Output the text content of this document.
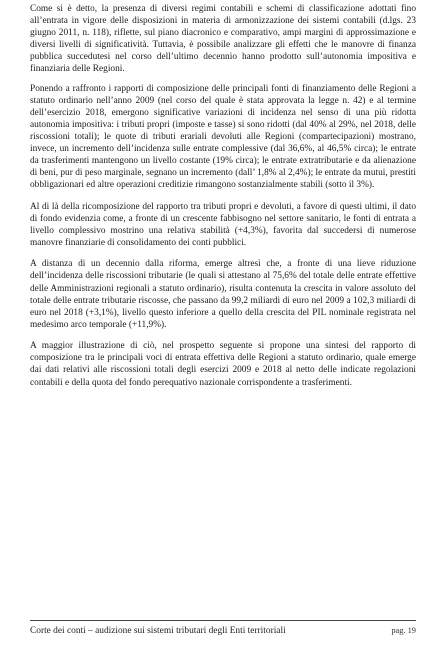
Come si è detto, la presenza di diversi regimi contabili e schemi di classificazione adottati fino all’entrata in vigore delle disposizioni in materia di armonizzazione dei sistemi contabili (d.lgs. 23 giugno 2011, n. 118), riflette, sul piano diacronico e comparativo, ampi margini di approssimazione e diversi livelli di significatività. Tuttavia, è possibile analizzare gli effetti che le manovre di finanza pubblica succedutesi nel corso dell’ultimo decennio hanno prodotto sull’autonomia impositiva e finanziaria delle Regioni.

Ponendo a raffronto i rapporti di composizione delle principali fonti di finanziamento delle Regioni a statuto ordinario nell’anno 2009 (nel corso del quale è stata approvata la legge n. 42) e al termine dell’esercizio 2018, emergono significative variazioni di incidenza nel senso di una più ridotta autonomia impositiva: i tributi propri (imposte e tasse) si sono ridotti (dal 40% al 29%, nel 2018, delle riscossioni totali); le quote di tributi erariali devoluti alle Regioni (compartecipazioni) mostrano, invece, un incremento dell’incidenza sulle entrate complessive (dal 36,6%, al 46,5% circa); le entrate da trasferimenti mantengono un livello costante (19% circa); le entrate extratributarie e da alienazione di beni, pur di peso marginale, segnano un incremento (dall’ 1,8% al 2,4%); le entrate da mutui, prestiti obbligazionari ed altre operazioni creditizie rimangono sostanzialmente stabili (sotto il 3%).

Al di là della ricomposizione del rapporto tra tributi propri e devoluti, a favore di questi ultimi, il dato di fondo evidenzia come, a fronte di un crescente fabbisogno nel settore sanitario, le fonti di entrata a livello complessivo mostrino una relativa stabilità (+4,3%), favorita dal succedersi di numerose manovre finanziarie di consolidamento dei conti pubblici.

A distanza di un decennio dalla riforma, emerge altresì che, a fronte di una lieve riduzione dell’incidenza delle riscossioni tributarie (le quali si attestano al 75,6% del totale delle entrate effettive delle Amministrazioni regionali a statuto ordinario), risulta contenuta la crescita in valore assoluto del totale delle entrate tributarie riscosse, che passano da 99,2 miliardi di euro nel 2009 a 102,3 miliardi di euro nel 2018 (+3,1%), livello questo inferiore a quello della crescita del PIL nominale registrata nel medesimo arco temporale (+11,9%).

A maggior illustrazione di ciò, nel prospetto seguente si propone una sintesi del rapporto di composizione tra le principali voci di entrata effettiva delle Regioni a statuto ordinario, quale emerge dai dati relativi alle riscossioni totali degli esercizi 2009 e 2018 al netto delle indicate regolazioni contabili e della quota del fondo perequativo nazionale corrispondente a trasferimenti.

Corte dei conti – audizione sui sistemi tributari degli Enti territoriali	pag. 19
